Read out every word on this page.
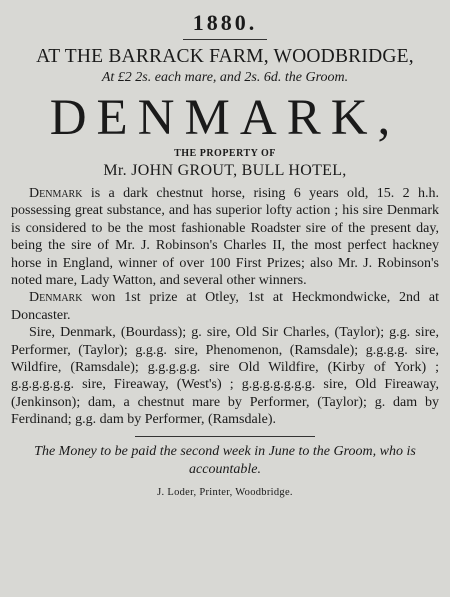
1880.
AT THE BARRACK FARM, WOODBRIDGE,
At £2 2s. each mare, and 2s. 6d. the Groom.
DENMARK,
THE PROPERTY OF
Mr. JOHN GROUT, BULL HOTEL,

Denmark is a dark chestnut horse, rising 6 years old, 15. 2 h.h. possessing great substance, and has superior lofty action ; his sire Denmark is considered to be the most fashionable Roadster sire of the present day, being the sire of Mr. J. Robinson's Charles II, the most perfect hackney horse in England, winner of over 100 First Prizes; also Mr. J. Robinson's noted mare, Lady Watton, and several other winners.

Denmark won 1st prize at Otley, 1st at Heckmondwicke, 2nd at Doncaster.

Sire, Denmark, (Bourdass); g. sire, Old Sir Charles, (Taylor); g.g. sire, Performer, (Taylor); g.g.g. sire, Phenomenon, (Ramsdale); g.g.g.g. sire, Wildfire, (Ramsdale); g.g.g.g.g. sire Old Wildfire, (Kirby of York) ; g.g.g.g.g.g. sire, Fireaway, (West's) ; g.g.g.g.g.g.g. sire, Old Fireaway, (Jenkinson); dam, a chestnut mare by Performer, (Taylor); g. dam by Ferdinand; g.g. dam by Performer, (Ramsdale).

The Money to be paid the second week in June to the Groom, who is accountable.
J. Loder, Printer, Woodbridge.
